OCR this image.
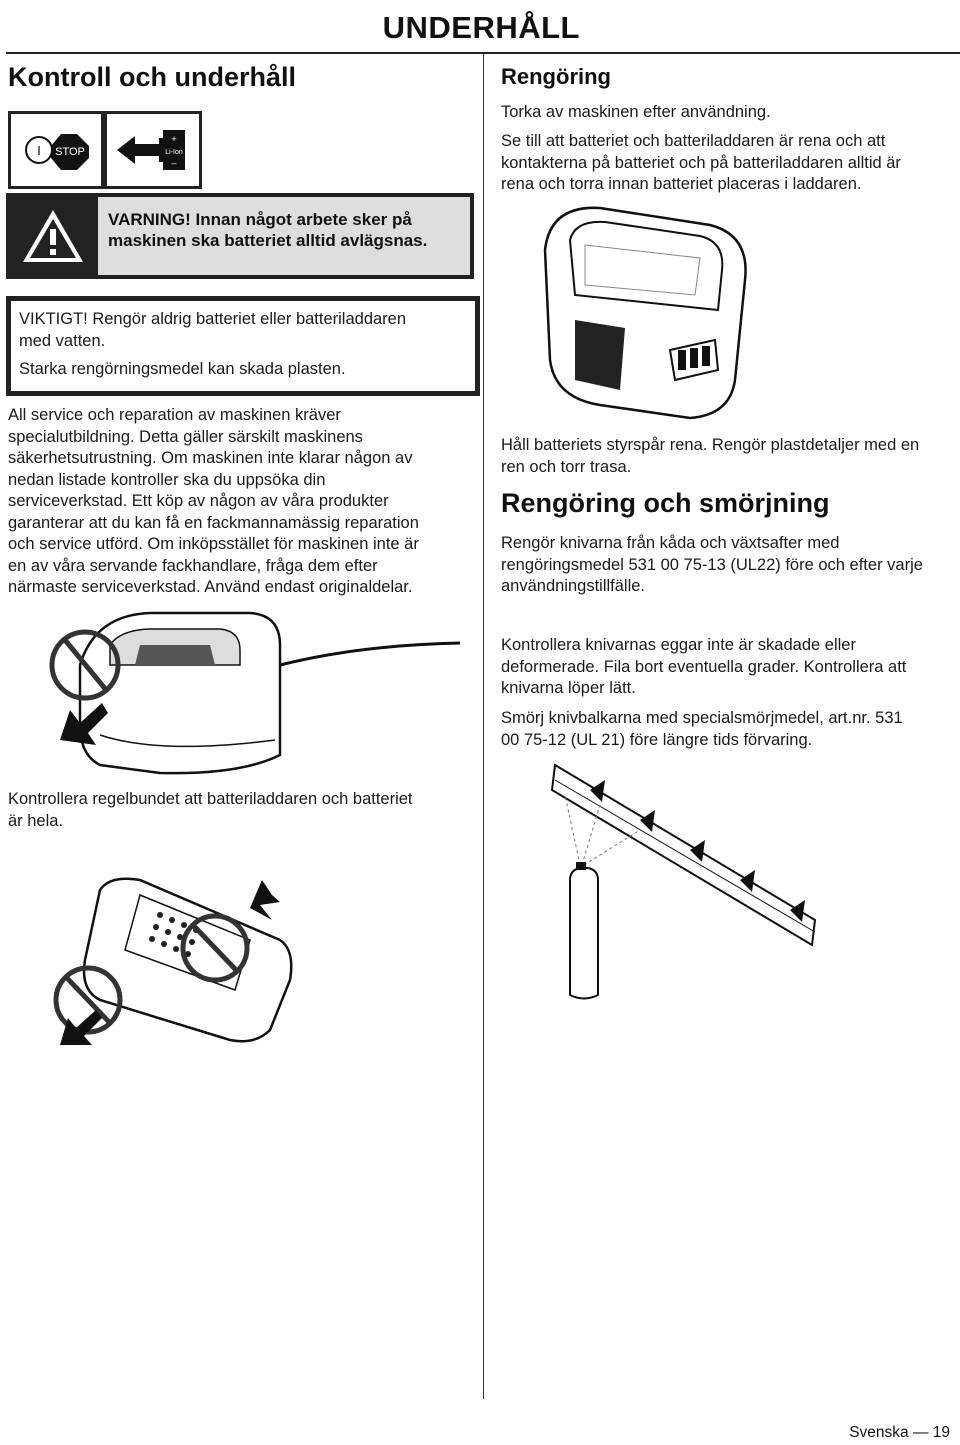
UNDERHÅLL
Kontroll och underhåll
I STOP
+
Li-Ion
–
VARNING! Innan något arbete sker på
maskinen ska batteriet alltid avlägsnas.
VIKTIGT! Rengör aldrig batteriet eller batteriladdaren
med vatten.
Starka rengörningsmedel kan skada plasten.
All service och reparation av maskinen kräver
specialutbildning. Detta gäller särskilt maskinens
säkerhetsutrustning. Om maskinen inte klarar någon av
nedan listade kontroller ska du uppsöka din
serviceverkstad. Ett köp av någon av våra produkter
garanterar att du kan få en fackmannamässig reparation
och service utförd. Om inköpsstället för maskinen inte är
en av våra servande fackhandlare, fråga dem efter
närmaste serviceverkstad. Använd endast originaldelar.
Kontrollera regelbundet att batteriladdaren och batteriet
är hela.
Rengöring
Torka av maskinen efter användning.
Se till att batteriet och batteriladdaren är rena och att
kontakterna på batteriet och på batteriladdaren alltid är
rena och torra innan batteriet placeras i laddaren.
Håll batteriets styrspår rena. Rengör plastdetaljer med en
ren och torr trasa.
Rengöring och smörjning
Rengör knivarna från kåda och växtsafter med
rengöringsmedel 531 00 75-13 (UL22) före och efter varje
användningstillfälle.
Kontrollera knivarnas eggar inte är skadade eller
deformerade. Fila bort eventuella grader. Kontrollera att
knivarna löper lätt.
Smörj knivbalkarna med specialsmörjmedel, art.nr. 531
00 75-12 (UL 21) före längre tids förvaring.
Svenska — 19
